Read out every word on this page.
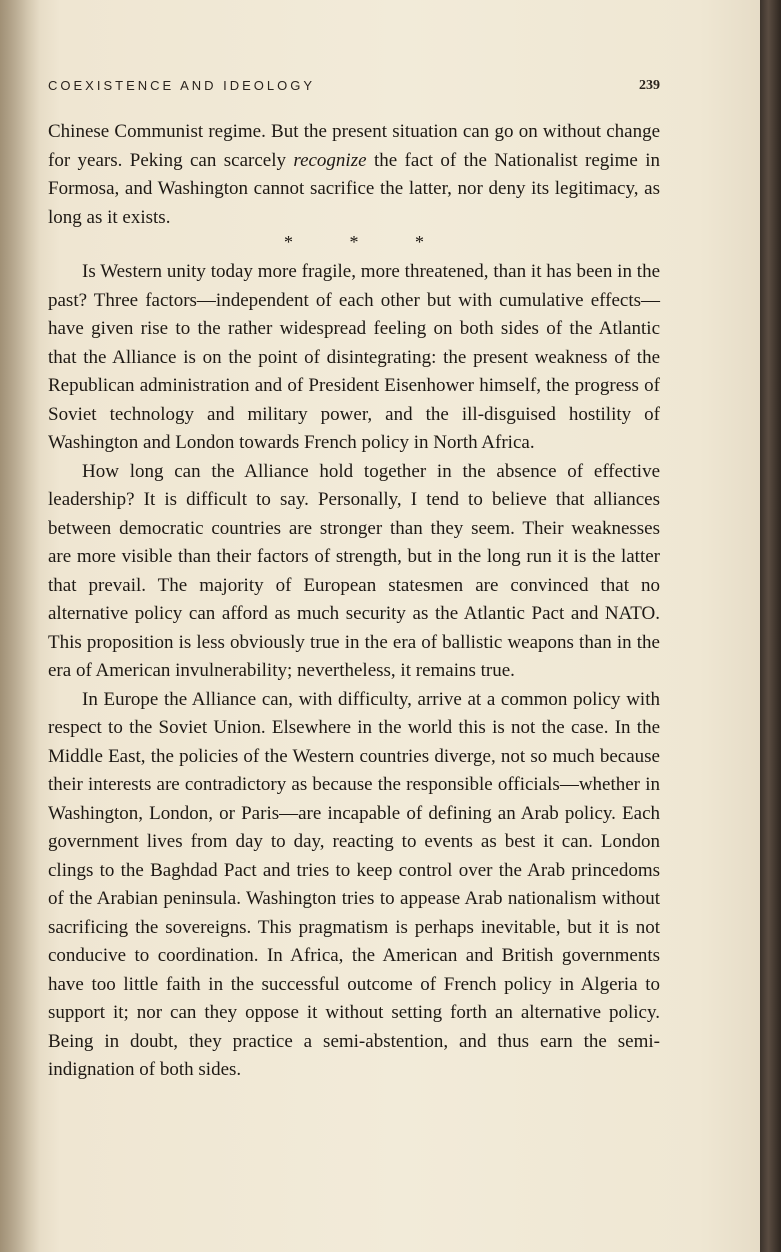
COEXISTENCE AND IDEOLOGY	239

Chinese Communist regime. But the present situation can go on without change for years. Peking can scarcely recognize the fact of the Nationalist regime in Formosa, and Washington cannot sacrifice the latter, nor deny its legitimacy, as long as it exists.

* * *

Is Western unity today more fragile, more threatened, than it has been in the past? Three factors—independent of each other but with cumulative effects—have given rise to the rather widespread feeling on both sides of the Atlantic that the Alliance is on the point of disintegrating: the present weakness of the Republican administration and of President Eisenhower himself, the progress of Soviet technology and military power, and the ill-disguised hostility of Washington and London towards French policy in North Africa.

How long can the Alliance hold together in the absence of effective leadership? It is difficult to say. Personally, I tend to believe that alliances between democratic countries are stronger than they seem. Their weaknesses are more visible than their factors of strength, but in the long run it is the latter that prevail. The majority of European statesmen are convinced that no alternative policy can afford as much security as the Atlantic Pact and NATO. This proposition is less obviously true in the era of ballistic weapons than in the era of American invulnerability; nevertheless, it remains true.

In Europe the Alliance can, with difficulty, arrive at a common policy with respect to the Soviet Union. Elsewhere in the world this is not the case. In the Middle East, the policies of the Western countries diverge, not so much because their interests are contradictory as because the responsible officials—whether in Washington, London, or Paris—are incapable of defining an Arab policy. Each government lives from day to day, reacting to events as best it can. London clings to the Baghdad Pact and tries to keep control over the Arab princedoms of the Arabian peninsula. Washington tries to appease Arab nationalism without sacrificing the sovereigns. This pragmatism is perhaps inevitable, but it is not conducive to coordination. In Africa, the American and British governments have too little faith in the successful outcome of French policy in Algeria to support it; nor can they oppose it without setting forth an alternative policy. Being in doubt, they practice a semi-abstention, and thus earn the semi-indignation of both sides.
